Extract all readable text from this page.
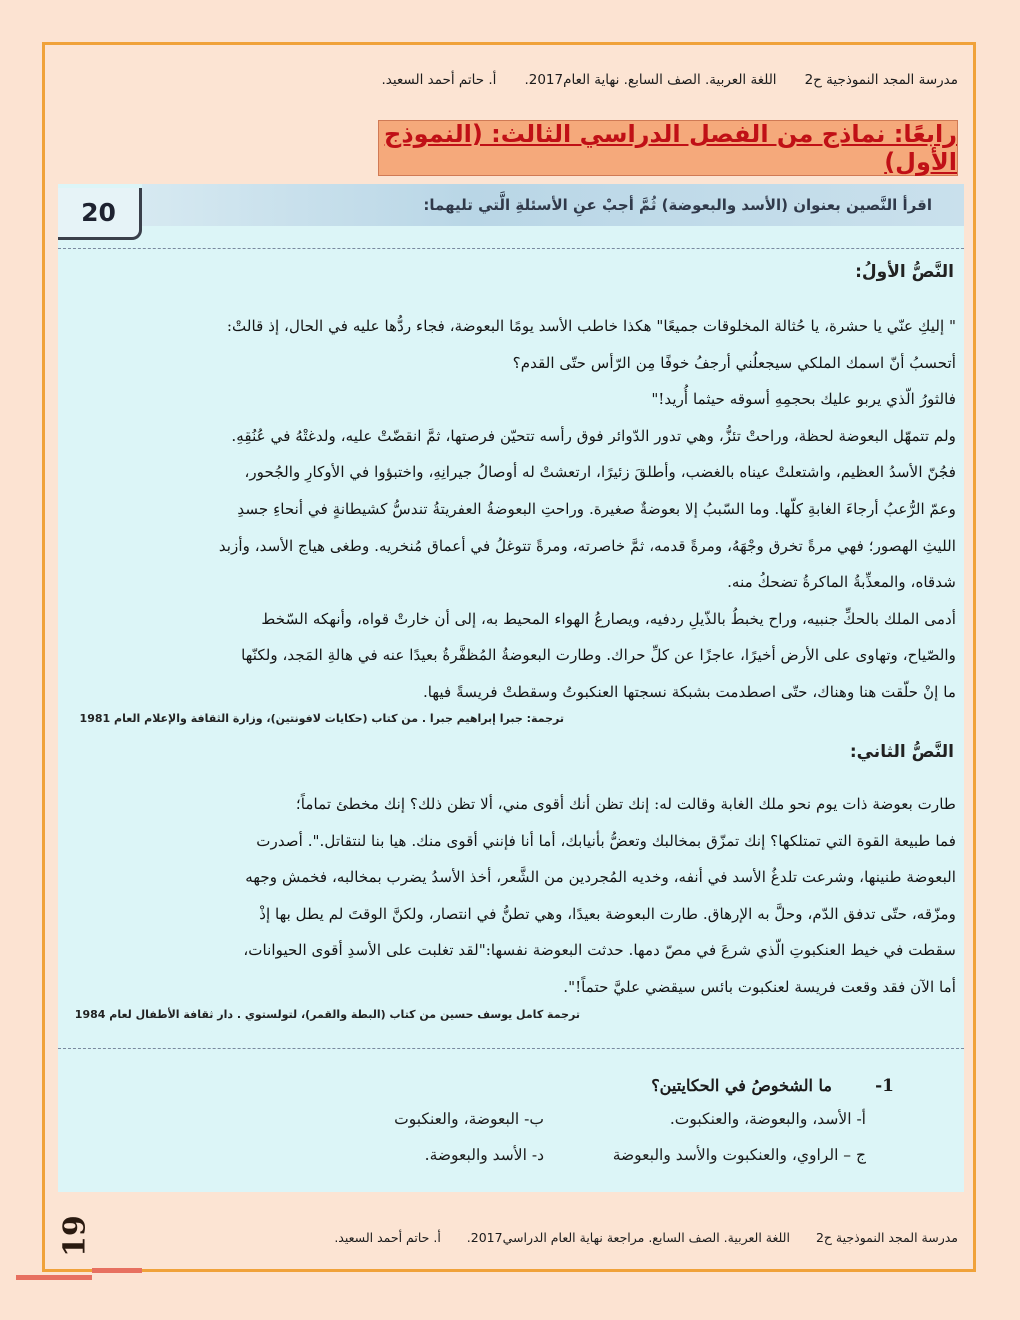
مدرسة المجد النموذجية ح2
اللغة العربية. الصف السابع. نهاية العام2017.
أ. حاتم أحمد السعيد.
رابعًا: نماذج من الفصل الدراسي الثالث: (النموذج الأول)
20	اقرأ النَّصين بعنوان (الأسد والبعوضة) ثُمَّ أجبْ عنِ الأسئلةِ الَّتي تليهما:
النَّصُّ الأولُ:

" إليكِ عنّي يا حشرة، يا حُثالة المخلوقات جميعًا" هكذا خاطب الأسد يومًا البعوضة، فجاء ردُّها عليه في الحال، إذ قالتْ:

أتحسبُ أنّ اسمك الملكي سيجعلُني أرجفُ خوفًا مِن الرّأس حتّى القدم؟

فالثورُ الّذي يربو عليك بحجمِهِ أسوقه حيثما أُريد!"

ولم تتمهّل البعوضة لحظة، وراحتْ تئزُّ، وهي تدور الدّوائر فوق رأسه تتحيّن فرصتها، ثمَّ انقضّتْ عليه، ولدغتْهُ في عُنُقِهِ.

فجُنّ الأسدُ العظيم، واشتعلتْ عيناه بالغضب، وأطلقَ زئيرًا، ارتعشتْ له أوصالُ جيرانِهِ، واختبؤوا في الأوكارِ والجُحور،

وعمّ الرُّعبُ أرجاءَ الغابةِ كلّها. وما السّببُ إلا بعوضةٌ صغيرة. وراحتِ البعوضةُ العفريتةُ تندسُّ كشيطانةٍ في أنحاءِ جسدِ

الليثِ الهصور؛ فهي مرةً تخرق وجْهَهُ، ومرةً قدمه، ثمَّ خاصرته، ومرةً تتوغلُ في أعماق مُنخريه. وطغى هياج الأسد، وأزبد

شدقاه، والمعذِّبةُ الماكرةُ تضحكُ منه.

أدمى الملك بالحكِّ جنبيه، وراح يخبطُ بالذّيلِ ردفيه، ويصارعُ الهواء المحيط به، إلى أن خارتْ قواه، وأنهكه السّخط

والصّياح، وتهاوى على الأرض أخيرًا، عاجزًا عن كلِّ حراك. وطارت البعوضةُ المُظفَّرةُ بعيدًا عنه في هالةِ المَجد، ولكنّها

ما إنْ حلّقت هنا وهناك، حتّى اصطدمت بشبكة نسجتها العنكبوتُ وسقطتْ فريسةً فيها.

ترجمة: جبرا إبراهيم جبرا . من كتاب (حكايات لافونتين)، وزارة الثقافة والإعلام العام 1981
النَّصُّ الثاني:

طارت بعوضة ذات يوم نحو ملك الغابة وقالت له: إنك تظن أنك أقوى مني، ألا تظن ذلك؟ إنك مخطئ تماماً؛

فما طبيعة القوة التي تمتلكها؟ إنك تمزّق بمخالبك وتعضُّ بأنيابك، أما أنا فإنني أقوى منك. هيا بنا لنتقاتل.". أصدرت

البعوضة طنينها، وشرعت تلدغُ الأسد في أنفه، وخديه المُجردين من الشَّعر، أخذ الأسدُ يضرب بمخالبه، فخمش وجهه

ومزّقه، حتّى تدفق الدّم، وحلَّ به الإرهاق. طارت البعوضة بعيدًا، وهي تطنُّ في انتصار، ولكنَّ الوقتَ لم يطل بها إذْ

سقطت في خيط العنكبوتِ الّذي شرعَ في مصّ دمها. حدثت البعوضة نفسها:"لقد تغلبت على الأسدِ أقوى الحيوانات،

أما الآن فقد وقعت فريسة لعنكبوت بائس سيقضي عليَّ حتماً!".

ترجمة كامل يوسف حسين من كتاب (البطة والقمر)، لتولستوي . دار ثقافة الأطفال لعام 1984
1-
ما الشخوصُ في الحكايتين؟
أ- الأسد، والبعوضة، والعنكبوت.
ب- البعوضة، والعنكبوت
ج – الراوي، والعنكبوت والأسد والبعوضة
د- الأسد والبعوضة.
مدرسة المجد النموذجية ح2 اللغة العربية. الصف السابع. مراجعة نهاية العام الدراسي2017. أ. حاتم أحمد السعيد.
19
